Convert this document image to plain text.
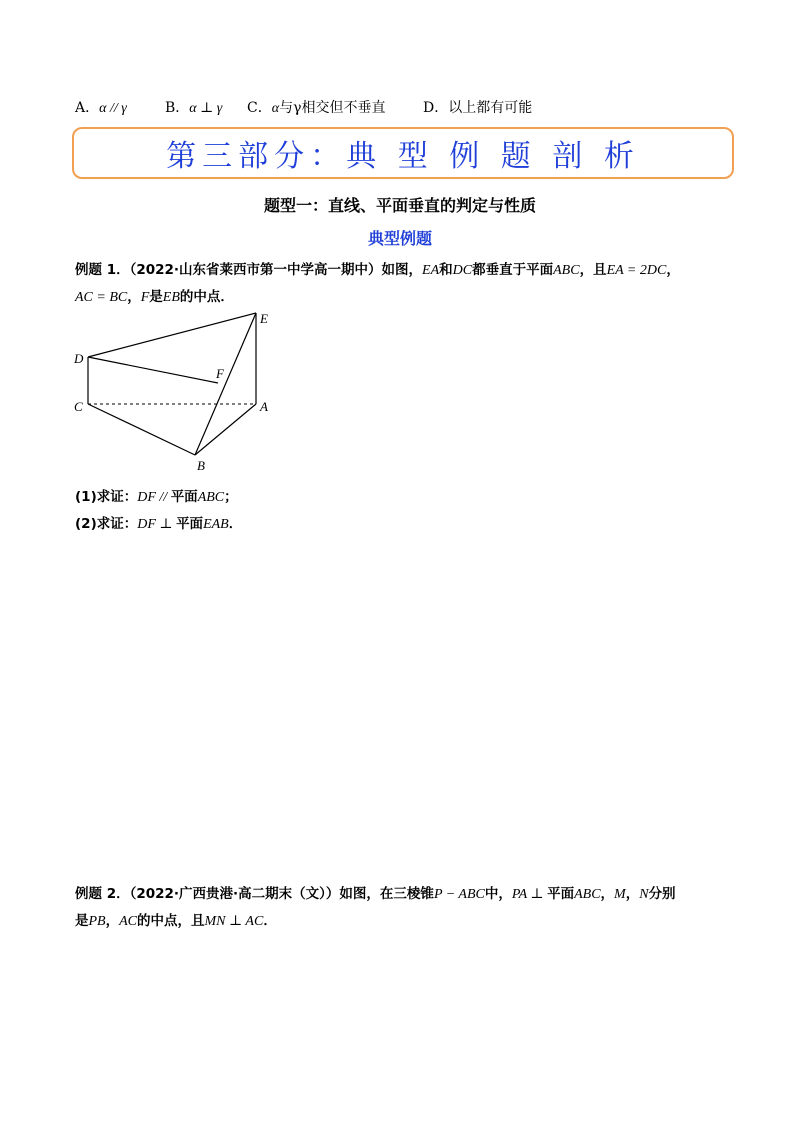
A．α // γ	B．α ⊥ γ C．α与γ相交但不垂直	D．以上都有可能
第三部分：典 型 例 题 剖 析
题型一：直线、平面垂直的判定与性质
典型例题
例题 1．（2022·山东省莱西市第一中学高一期中）如图，EA和DC都垂直于平面ABC，且EA = 2DC，
AC = BC，F是EB的中点．
D
E
F
C	A
B
(1)求证：DF // 平面ABC；
(2)求证：DF ⊥ 平面EAB．
例题 2．（2022·广西贵港·高二期末（文））如图，在三棱锥P − ABC中，PA ⊥ 平面ABC，M，N分别
是PB，AC的中点，且MN ⊥ AC．
